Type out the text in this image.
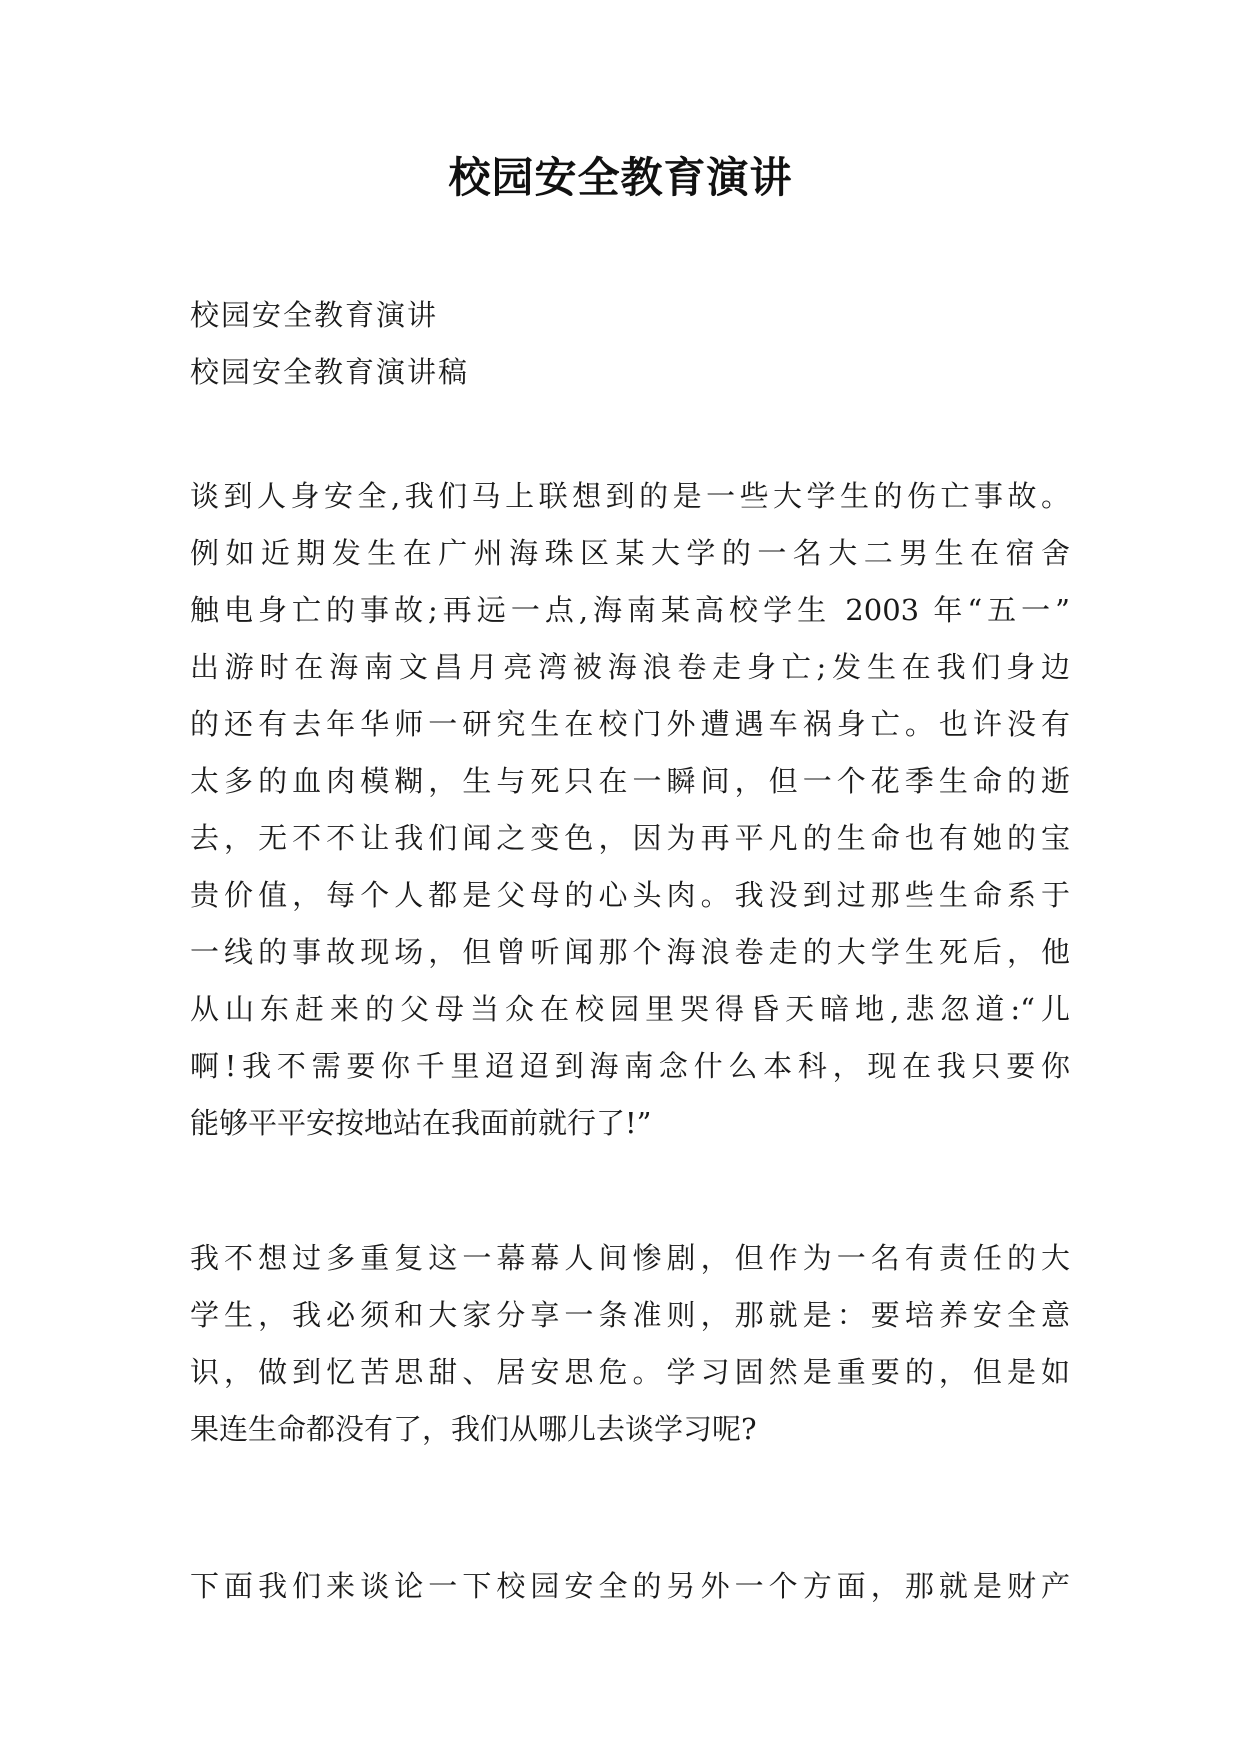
校园安全教育演讲
校园安全教育演讲
校园安全教育演讲稿
谈到人身安全,我们马上联想到的是一些大学生的伤亡事故。
例如近期发生在广州海珠区某大学的一名大二男生在宿舍
触电身亡的事故;再远一点,海南某高校学生 2003 年“五一”
出游时在海南文昌月亮湾被海浪卷走身亡;发生在我们身边
的还有去年华师一研究生在校门外遭遇车祸身亡。也许没有
太多的血肉模糊，生与死只在一瞬间，但一个花季生命的逝
去，无不不让我们闻之变色，因为再平凡的生命也有她的宝
贵价值，每个人都是父母的心头肉。我没到过那些生命系于
一线的事故现场，但曾听闻那个海浪卷走的大学生死后，他
从山东赶来的父母当众在校园里哭得昏天暗地,悲忽道:“儿
啊!我不需要你千里迢迢到海南念什么本科，现在我只要你
能够平平安按地站在我面前就行了!”
我不想过多重复这一幕幕人间惨剧，但作为一名有责任的大
学生，我必须和大家分享一条准则，那就是：要培养安全意
识，做到忆苦思甜、居安思危。学习固然是重要的，但是如
果连生命都没有了，我们从哪儿去谈学习呢?
下面我们来谈论一下校园安全的另外一个方面，那就是财产
